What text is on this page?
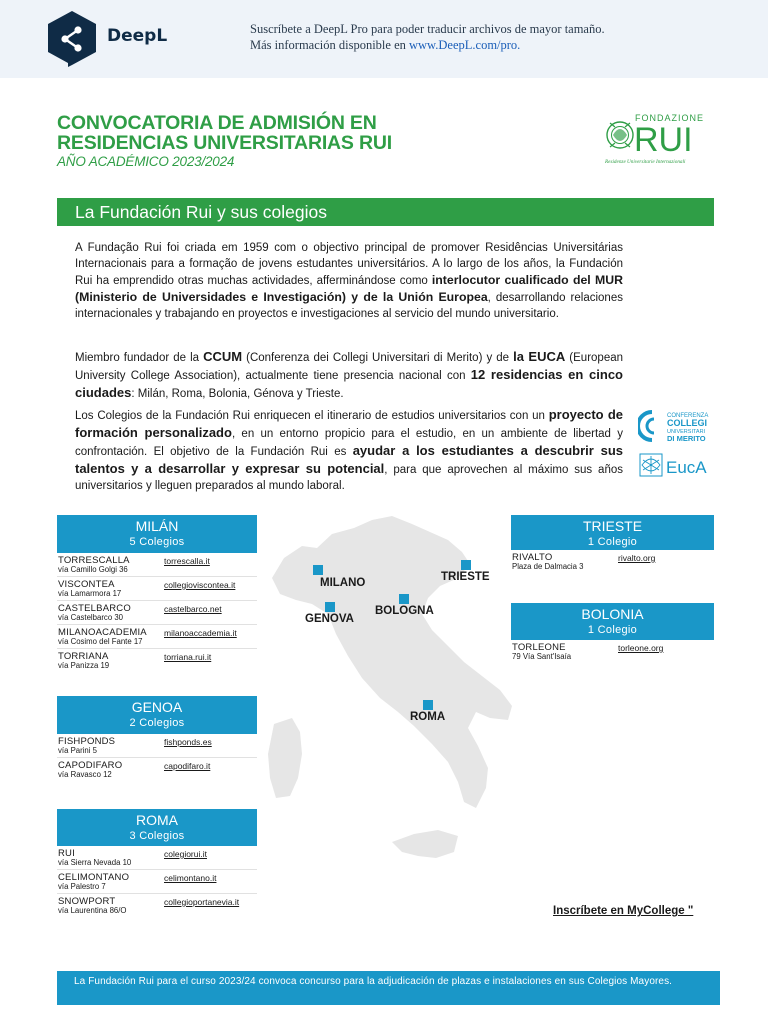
DeepL	Suscríbete a DeepL Pro para poder traducir archivos de mayor tamaño.
Más información disponible en www.DeepL.com/pro.
CONVOCATORIA DE ADMISIÓN EN RESIDENCIAS UNIVERSITARIAS RUI
AÑO ACADÉMICO 2023/2024
FONDAZIONE
RUI
Residenze Universitarie Internazionali
La Fundación Rui y sus colegios
A Fundação Rui foi criada em 1959 com o objectivo principal de promover Residências Universitárias Internacionais para a formação de jovens estudantes universitários. A lo largo de los años, la Fundación Rui ha emprendido otras muchas actividades, afferminándose como interlocutor cualificado del MUR (Ministerio de Universidades e Investigación) y de la Unión Europea, desarrollando relaciones internacionales y trabajando en proyectos e investigaciones al servicio del mundo universitario.
Miembro fundador de la CCUM (Conferenza dei Collegi Universitari di Merito) y de la EUCA (European University College Association), actualmente tiene presencia nacional con 12 residencias en cinco ciudades: Milán, Roma, Bolonia, Génova y Trieste.
Los Colegios de la Fundación Rui enriquecen el itinerario de estudios universitarios con un proyecto de formación personalizado, en un entorno propicio para el estudio, en un ambiente de libertad y confrontación. El objetivo de la Fundación Rui es ayudar a los estudiantes a descubrir sus talentos y a desarrollar y expresar su potencial, para que aprovechen al máximo sus años universitarios y lleguen preparados al mundo laboral.
CONFERENZA
COLLEGI
UNIVERSITARI
DI MERITO
EucA
MILÁN
5 Colegios
TORRESCALLA
vía Camillo Golgi 36
torrescalla.it
VISCONTEA
vía Lamarmora 17
collegioviscontea.it
CASTELBARCO
vía Castelbarco 30
castelbarco.net
MILANOACADEMIA
vía Cosimo del Fante 17
milanoaccademia.it
TORRIANA
vía Panizza 19
torriana.rui.it
GENOA
2 Colegios
FISHPONDS
vía Parini 5
fishponds.es
CAPODIFARO
vía Ravasco 12
capodifaro.it
ROMA
3 Colegios
RUI
vía Sierra Nevada 10
colegiorui.it
CELIMONTANO
vía Palestro 7
celimontano.it
SNOWPORT
vía Laurentina 86/O
collegioportanevia.it
TRIESTE
1 Colegio
RIVALTO
Plaza de Dalmacia 3
rivalto.org
BOLONIA
1 Colegio
TORLEONE
79 Vía Sant'Isaía
torleone.org
MILANO
GENOVA
BOLOGNA
TRIESTE
ROMA
Inscríbete en MyCollege "
La Fundación Rui para el curso 2023/24 convoca concurso para la adjudicación de plazas e instalaciones en sus Colegios Mayores.
